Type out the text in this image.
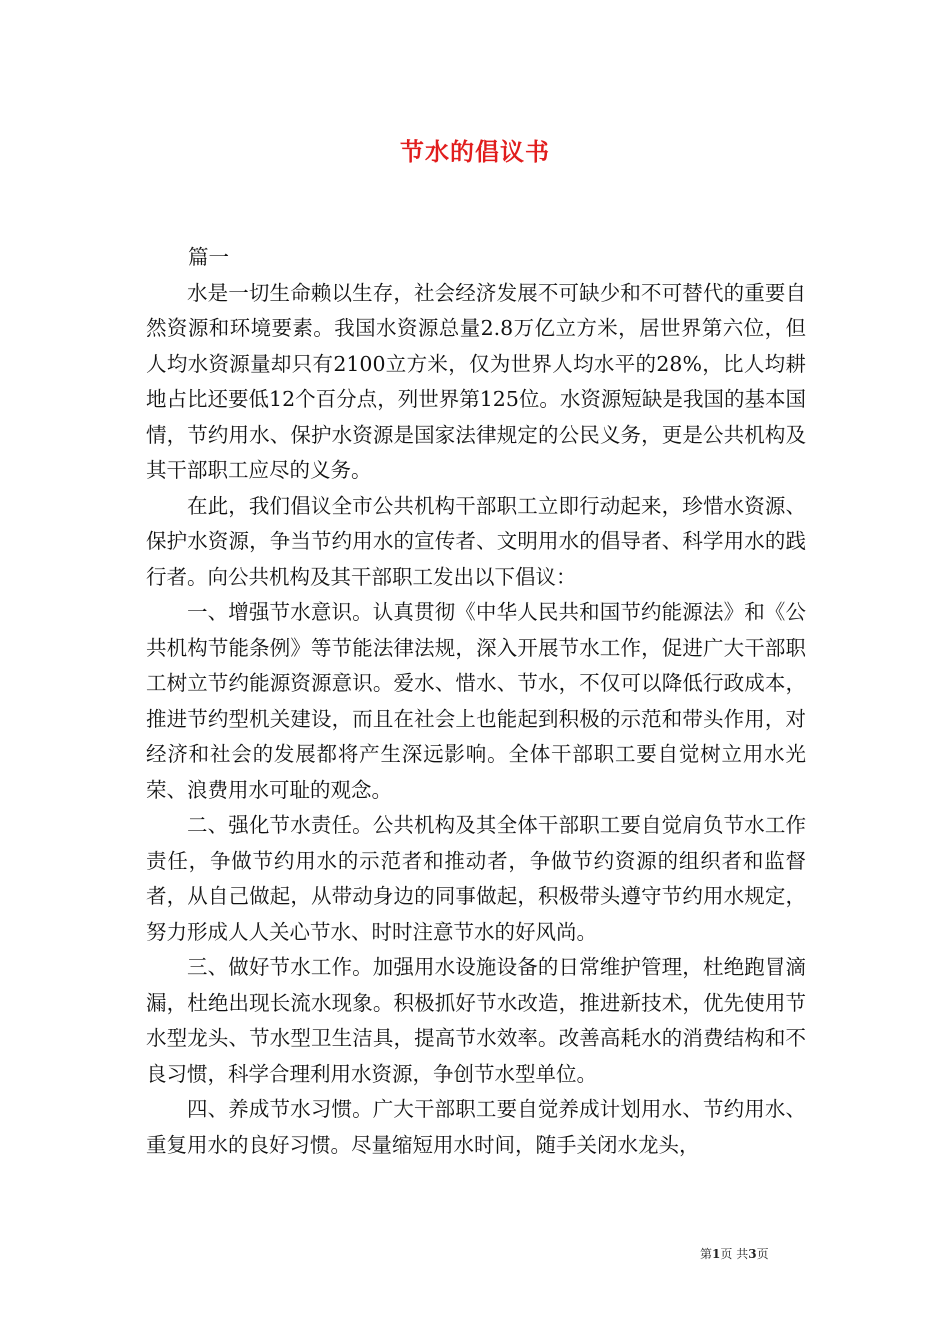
节水的倡议书

篇一

水是一切生命赖以生存，社会经济发展不可缺少和不可替代的重要自然资源和环境要素。我国水资源总量2.8万亿立方米，居世界第六位，但人均水资源量却只有2100立方米，仅为世界人均水平的28%，比人均耕地占比还要低12个百分点，列世界第125位。水资源短缺是我国的基本国情，节约用水、保护水资源是国家法律规定的公民义务，更是公共机构及其干部职工应尽的义务。

在此，我们倡议全市公共机构干部职工立即行动起来，珍惜水资源、保护水资源，争当节约用水的宣传者、文明用水的倡导者、科学用水的践行者。向公共机构及其干部职工发出以下倡议：

一、增强节水意识。认真贯彻《中华人民共和国节约能源法》和《公共机构节能条例》等节能法律法规，深入开展节水工作，促进广大干部职工树立节约能源资源意识。爱水、惜水、节水，不仅可以降低行政成本，推进节约型机关建设，而且在社会上也能起到积极的示范和带头作用，对经济和社会的发展都将产生深远影响。全体干部职工要自觉树立用水光荣、浪费用水可耻的观念。

二、强化节水责任。公共机构及其全体干部职工要自觉肩负节水工作责任，争做节约用水的示范者和推动者，争做节约资源的组织者和监督者，从自己做起，从带动身边的同事做起，积极带头遵守节约用水规定，努力形成人人关心节水、时时注意节水的好风尚。

三、做好节水工作。加强用水设施设备的日常维护管理，杜绝跑冒滴漏，杜绝出现长流水现象。积极抓好节水改造，推进新技术，优先使用节水型龙头、节水型卫生洁具，提高节水效率。改善高耗水的消费结构和不良习惯，科学合理利用水资源，争创节水型单位。

四、养成节水习惯。广大干部职工要自觉养成计划用水、节约用水、重复用水的良好习惯。尽量缩短用水时间，随手关闭水龙头，

第1页 共3页
